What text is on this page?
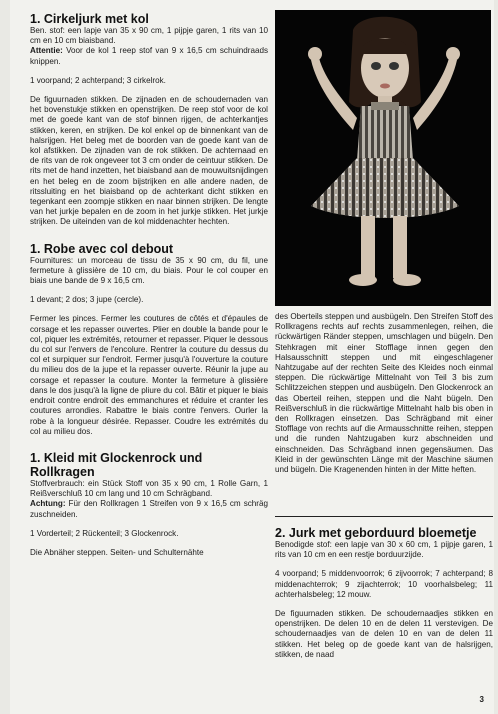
1. Cirkeljurk met kol

Ben. stof: een lapje van 35 x 90 cm, 1 pijpje garen, 1 rits van 10 cm en 10 cm biaisband.

Attentie: Voor de kol 1 reep stof van 9 x 16,5 cm schuindraads knippen.

1 voorpand; 2 achterpand; 3 cirkelrok.

De figuurnaden stikken. De zijnaden en de schoudernaden van het bovenstukje stikken en openstrijken. De reep stof voor de kol met de goede kant van de stof binnen rijgen, de achterkantjes stikken, keren, en strijken. De kol enkel op de binnenkant van de halsrijgen. Het beleg met de boorden van de goede kant van de kol afstikken. De zijnaden van de rok stikken. De achternaad en de rits van de rok ongeveer tot 3 cm onder de ceintuur stikken. De rits met de hand inzetten, het biaisband aan de mouwuitsnijdingen en het beleg en de zoom bijstrijken en alle andere naden, de ritssluiting en het biaisband op de achterkant dicht stikken en tegenkant een zoompje stikken en naar binnen strijken. De lengte van het jurkje bepalen en de zoom in het jurkje stikken. Het jurkje strijken. De uiteinden van de kol middenachter hechten.

1. Robe avec col debout

Fournitures: un morceau de tissu de 35 x 90 cm, du fil, une fermeture à glissière de 10 cm, du biais. Pour le col couper en biais une bande de 9 x 16,5 cm.

1 devant; 2 dos; 3 jupe (cercle).

Fermer les pinces. Fermer les coutures de côtés et d'épaules de corsage et les repasser ouvertes. Plier en double la bande pour le col, piquer les extrémités, retourner et repasser. Piquer le dessous du col sur l'envers de l'encolure. Rentrer la couture du dessus du col et surpiquer sur l'endroit. Fermer jusqu'à l'ouverture la couture du milieu dos de la jupe et la repasser ouverte. Réunir la jupe au corsage et repasser la couture. Monter la fermeture à glissière dans le dos jusqu'à la ligne de pliure du col. Bâtir et piquer le biais endroit contre endroit des emmanchures et réduire et cranter les coutures arrondies. Rabattre le biais contre l'envers. Ourler la robe à la longueur désirée. Repasser. Coudre les extrémités du col au milieu dos.

1. Kleid mit Glockenrock und
Rollkragen

Stoffverbrauch: ein Stück Stoff von 35 x 90 cm, 1 Rolle Garn, 1 Reißverschluß 10 cm lang und 10 cm Schrägband.

Achtung: Für den Rollkragen 1 Streifen von 9 x 16,5 cm schräg zuschneiden.

1 Vorderteil; 2 Rückenteil; 3 Glockenrock.

Die Abnäher steppen. Seiten- und Schulternähte

des Oberteils steppen und ausbügeln. Den Streifen Stoff des Rollkragens rechts auf rechts zusammenlegen, reihen, die rückwärtigen Ränder steppen, umschlagen und bügeln. Den Stehkragen mit einer Stofflage innen gegen den Halsausschnitt steppen und mit eingeschlagener Nahtzugabe auf der rechten Seite des Kleides noch einmal steppen. Die rückwärtige Mittelnaht von Teil 3 bis zum Schlitzzeichen steppen und ausbügeln. Den Glockenrock an das Oberteil reihen, steppen und die Naht bügeln. Den Reißverschluß in die rückwärtige Mittelnaht halb bis oben in den Rollkragen einsetzen. Das Schrägband mit einer Stofflage von rechts auf die Armausschnitte reihen, steppen und die runden Nahtzugaben kurz abschneiden und einschneiden. Das Schrägband innen gegensäumen. Das Kleid in der gewünschten Länge mit der Maschine säumen und bügeln. Die Kragenenden hinten in der Mitte heften.

2. Jurk met geborduurd bloemetje

Benodigde stof: een lapje van 30 x 60 cm, 1 pijpje garen, 1 rits van 10 cm en een restje borduurzijde.

4 voorpand; 5 middenvoorrok; 6 zijvoorrok; 7 achterpand; 8 middenachterrok; 9 zijachterrok; 10 voorhalsbeleg; 11 achterhalsbeleg; 12 mouw.

De figuurnaden stikken. De schoudernaadjes stikken en openstrijken. De delen 10 en de delen 11 verstevigen. De schoudernaadjes van de delen 10 en van de delen 11 stikken. Het beleg op de goede kant van de halsrijgen, stikken, de naad

3
